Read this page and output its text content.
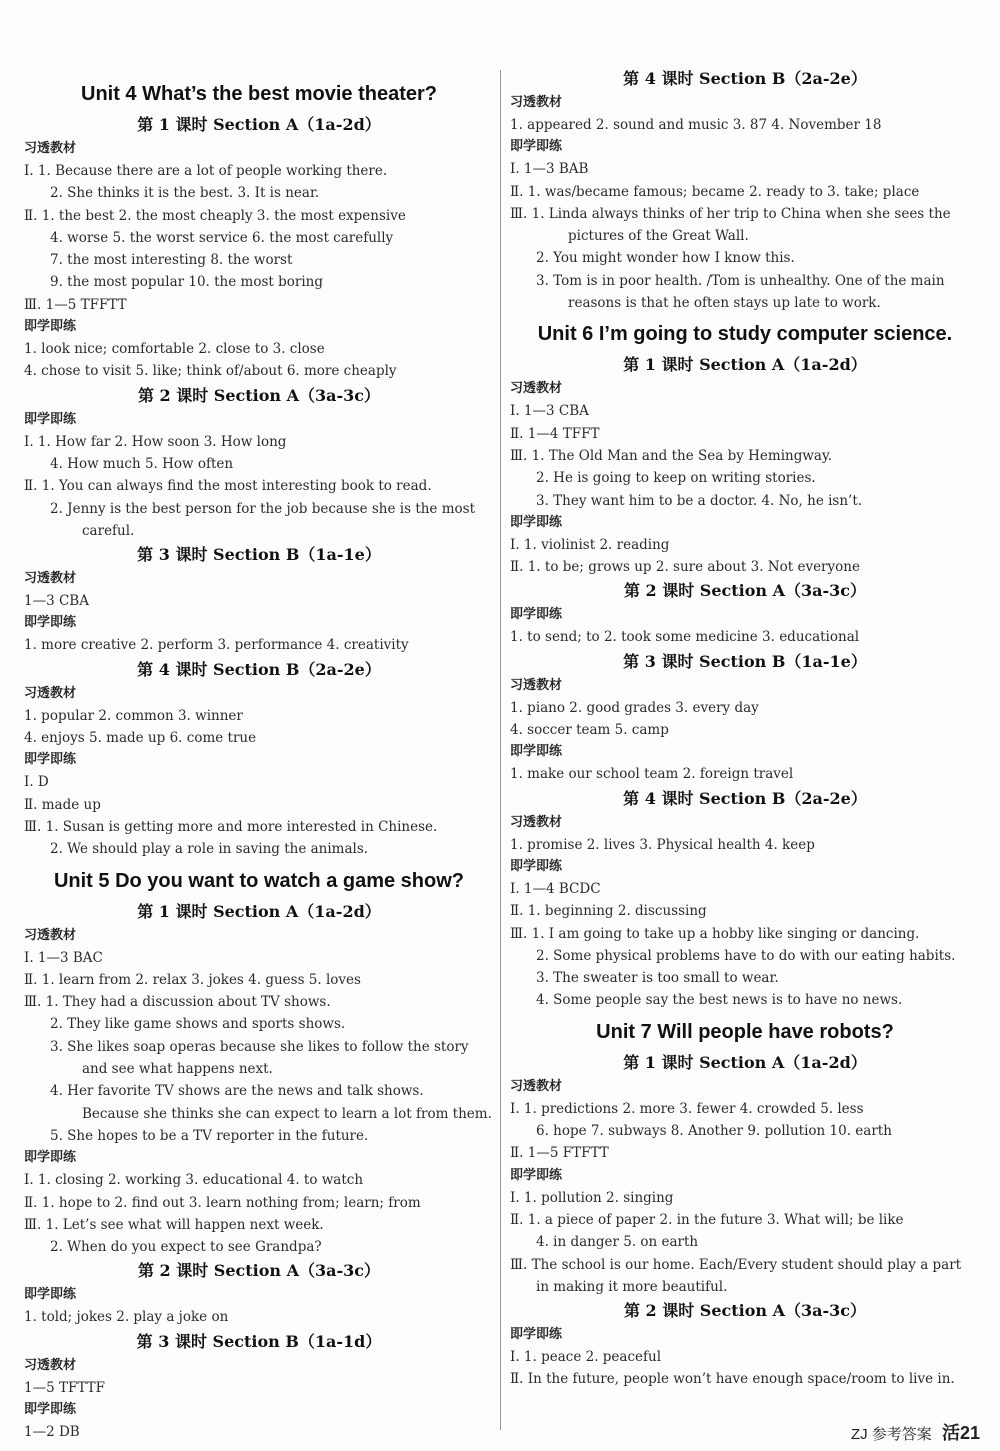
Unit 4 What’s the best movie theater?
第 1 课时 Section A（1a-2d）
习透教材
Ⅰ. 1. Because there are a lot of people working there.
2. She thinks it is the best. 3. It is near.
Ⅱ. 1. the best 2. the most cheaply 3. the most expensive
4. worse 5. the worst service 6. the most carefully
7. the most interesting 8. the worst
9. the most popular 10. the most boring
Ⅲ. 1—5 TFFTT
即学即练
1. look nice; comfortable 2. close to 3. close
4. chose to visit 5. like; think of/about 6. more cheaply
第 2 课时 Section A（3a-3c）
即学即练
Ⅰ. 1. How far 2. How soon 3. How long
4. How much 5. How often
Ⅱ. 1. You can always find the most interesting book to read.
2. Jenny is the best person for the job because she is the most
careful.
第 3 课时 Section B（1a-1e）
习透教材
1—3 CBA
即学即练
1. more creative 2. perform 3. performance 4. creativity
第 4 课时 Section B（2a-2e）
习透教材
1. popular 2. common 3. winner
4. enjoys 5. made up 6. come true
即学即练
Ⅰ. D
Ⅱ. made up
Ⅲ. 1. Susan is getting more and more interested in Chinese.
2. We should play a role in saving the animals.
Unit 5 Do you want to watch a game show?
第 1 课时 Section A（1a-2d）
习透教材
Ⅰ. 1—3 BAC
Ⅱ. 1. learn from 2. relax 3. jokes 4. guess 5. loves
Ⅲ. 1. They had a discussion about TV shows.
2. They like game shows and sports shows.
3. She likes soap operas because she likes to follow the story
and see what happens next.
4. Her favorite TV shows are the news and talk shows.
Because she thinks she can expect to learn a lot from them.
5. She hopes to be a TV reporter in the future.
即学即练
Ⅰ. 1. closing 2. working 3. educational 4. to watch
Ⅱ. 1. hope to 2. find out 3. learn nothing from; learn; from
Ⅲ. 1. Let’s see what will happen next week.
2. When do you expect to see Grandpa?
第 2 课时 Section A（3a-3c）
即学即练
1. told; jokes 2. play a joke on
第 3 课时 Section B（1a-1d）
习透教材
1—5 TFTTF
即学即练
1—2 DB
第 4 课时 Section B（2a-2e）
习透教材
1. appeared 2. sound and music 3. 87 4. November 18
即学即练
Ⅰ. 1—3 BAB
Ⅱ. 1. was/became famous; became 2. ready to 3. take; place
Ⅲ. 1. Linda always thinks of her trip to China when she sees the
pictures of the Great Wall.
2. You might wonder how I know this.
3. Tom is in poor health. /Tom is unhealthy. One of the main
reasons is that he often stays up late to work.
Unit 6 I’m going to study computer science.
第 1 课时 Section A（1a-2d）
习透教材
Ⅰ. 1—3 CBA
Ⅱ. 1—4 TFFT
Ⅲ. 1. The Old Man and the Sea by Hemingway.
2. He is going to keep on writing stories.
3. They want him to be a doctor. 4. No, he isn’t.
即学即练
Ⅰ. 1. violinist 2. reading
Ⅱ. 1. to be; grows up 2. sure about 3. Not everyone
第 2 课时 Section A（3a-3c）
即学即练
1. to send; to 2. took some medicine 3. educational
第 3 课时 Section B（1a-1e）
习透教材
1. piano 2. good grades 3. every day
4. soccer team 5. camp
即学即练
1. make our school team 2. foreign travel
第 4 课时 Section B（2a-2e）
习透教材
1. promise 2. lives 3. Physical health 4. keep
即学即练
Ⅰ. 1—4 BCDC
Ⅱ. 1. beginning 2. discussing
Ⅲ. 1. I am going to take up a hobby like singing or dancing.
2. Some physical problems have to do with our eating habits.
3. The sweater is too small to wear.
4. Some people say the best news is to have no news.
Unit 7 Will people have robots?
第 1 课时 Section A（1a-2d）
习透教材
Ⅰ. 1. predictions 2. more 3. fewer 4. crowded 5. less
6. hope 7. subways 8. Another 9. pollution 10. earth
Ⅱ. 1—5 FTFTT
即学即练
Ⅰ. 1. pollution 2. singing
Ⅱ. 1. a piece of paper 2. in the future 3. What will; be like
4. in danger 5. on earth
Ⅲ. The school is our home. Each/Every student should play a part
in making it more beautiful.
第 2 课时 Section A（3a-3c）
即学即练
Ⅰ. 1. peace 2. peaceful
Ⅱ. In the future, people won’t have enough space/room to live in.
ZJ 参考答案 活21
